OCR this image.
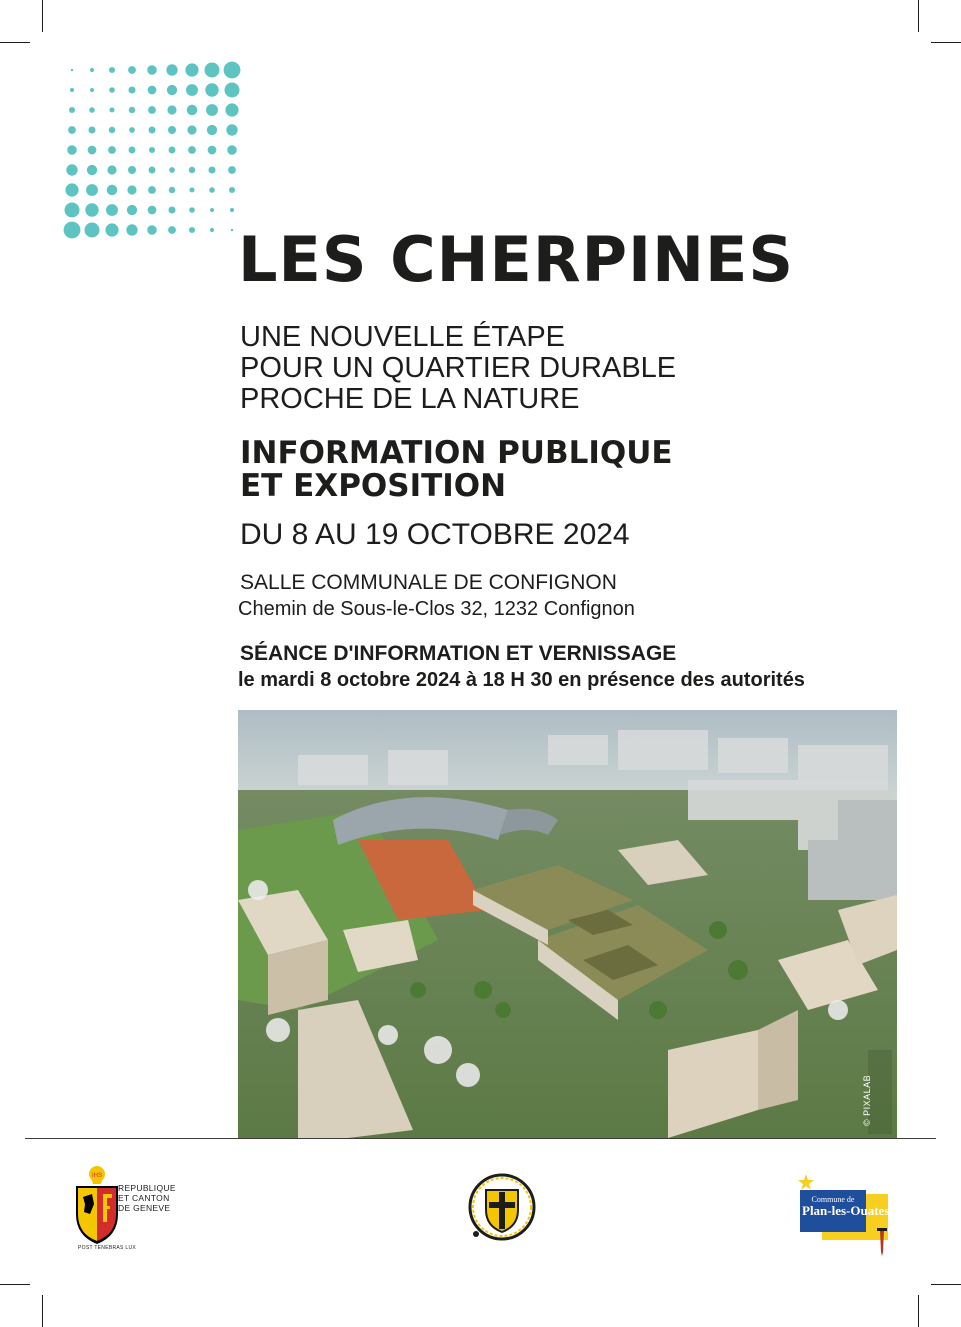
LES CHERPINES
UNE NOUVELLE ÉTAPE
POUR UN QUARTIER DURABLE
PROCHE DE LA NATURE
INFORMATION PUBLIQUE
ET EXPOSITION
DU 8 AU 19 OCTOBRE 2024
SALLE COMMUNALE DE CONFIGNON
Chemin de Sous-le-Clos 32, 1232 Confignon
SÉANCE D'INFORMATION ET VERNISSAGE
le mardi 8 octobre 2024 à 18 H 30 en présence des autorités
© PIXALAB
IHS
REPUBLIQUE
ET CANTON
DE GENEVE
POST TENEBRAS LUX
Commune de
Plan-les-Ouates
